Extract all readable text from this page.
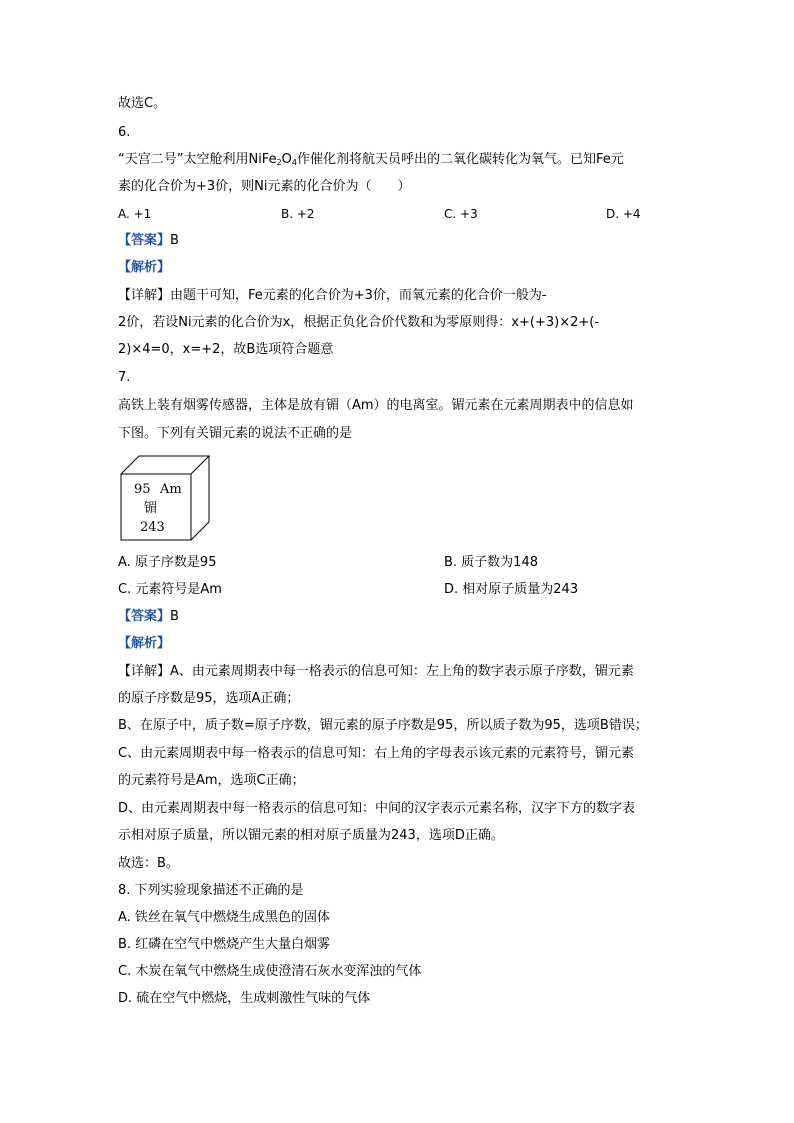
故选C。
6.
“天宫二号”太空舱利用$NiFe_2O_4$作催化剂将航天员呼出的二氧化碳转化为氧气。已知Fe元
素的化合价为+3价，则Ni元素的化合价为（　　）
A. +1	B. +2	C. +3	D. +4
【答案】B
【解析】
【详解】由题干可知，Fe元素的化合价为+3价，而氧元素的化合价一般为-
2价，若设Ni元素的化合价为x，根据正负化合价代数和为零原则得：x+(+3)×2+(-
2)×4=0，x=+2，故B选项符合题意
7.
高铁上装有烟雾传感器，主体是放有镅（Am）的电离室。镅元素在元素周期表中的信息如
下图。下列有关镅元素的说法不正确的是
95 Am
镅
243
A. 原子序数是95	B. 质子数为148
C. 元素符号是Am	D. 相对原子质量为243
【答案】B
【解析】
【详解】A、由元素周期表中每一格表示的信息可知：左上角的数字表示原子序数，镅元素
的原子序数是95，选项A正确；
B、在原子中，质子数=原子序数，镅元素的原子序数是95，所以质子数为95，选项B错误；
C、由元素周期表中每一格表示的信息可知：右上角的字母表示该元素的元素符号，镅元素
的元素符号是Am，选项C正确；
D、由元素周期表中每一格表示的信息可知：中间的汉字表示元素名称，汉字下方的数字表
示相对原子质量，所以镅元素的相对原子质量为243，选项D正确。
故选：B。
8. 下列实验现象描述不正确的是
A. 铁丝在氧气中燃烧生成黑色的固体
B. 红磷在空气中燃烧产生大量白烟雾
C. 木炭在氧气中燃烧生成使澄清石灰水变浑浊的气体
D. 硫在空气中燃烧，生成刺激性气味的气体
